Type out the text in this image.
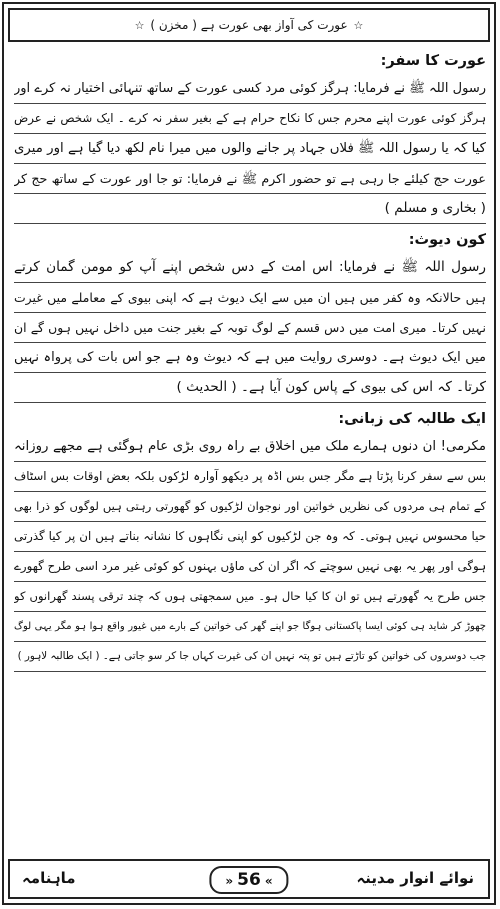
☆ عورت کی آواز بھی عورت ہے ( مخزن ) ☆
عورت کا سفر:
رسول اللہ ﷺ نے فرمایا: ہرگز کوئی مرد کسی عورت کے ساتھ تنہائی اختیار نہ کرے اور
ہرگز کوئی عورت اپنے محرم جس کا نکاح حرام ہے کے بغیر سفر نہ کرے ۔ ایک شخص نے عرض
کیا کہ یا رسول اللہ ﷺ فلاں جہاد پر جانے والوں میں میرا نام لکھ دیا گیا ہے اور میری
عورت حج کیلئے جا رہی ہے تو حضور اکرم ﷺ نے فرمایا: تو جا اور عورت کے ساتھ حج کر
( بخاری و مسلم )
کون دیوث:
رسول اللہ ﷺ نے فرمایا: اس امت کے دس شخص اپنے آپ کو مومن گمان کرتے
ہیں حالانکہ وہ کفر میں ہیں ان میں سے ایک دیوث ہے کہ اپنی بیوی کے معاملے میں غیرت
نہیں کرتا۔ میری امت میں دس قسم کے لوگ توبہ کے بغیر جنت میں داخل نہیں ہوں گے ان
میں ایک دیوث ہے۔ دوسری روایت میں ہے کہ دیوث وہ ہے جو اس بات کی پرواہ نہیں
کرتا۔ کہ اس کی بیوی کے پاس کون آیا ہے۔ ( الحدیث )
ایک طالبہ کی زبانی:
مکرمی! ان دنوں ہمارے ملک میں اخلاق بے راہ روی بڑی عام ہوگئی ہے مجھے روزانہ
بس سے سفر کرنا پڑتا ہے مگر جس بس اڈہ پر دیکھو آوارہ لڑکوں بلکہ بعض اوقات بس اسٹاف
کے تمام ہی مردوں کی نظریں خواتین اور نوجوان لڑکیوں کو گھورتی رہتی ہیں لوگوں کو ذرا بھی
حیا محسوس نہیں ہوتی۔ کہ وہ جن لڑکیوں کو اپنی نگاہوں کا نشانہ بناتے ہیں ان پر کیا گذرتی
ہوگی اور پھر یہ بھی نہیں سوچتے کہ اگر ان کی ماؤں بہنوں کو کوئی غیر مرد اسی طرح گھورے
جس طرح یہ گھورتے ہیں تو ان کا کیا حال ہو۔ میں سمجھتی ہوں کہ چند ترقی پسند گھرانوں کو
چھوڑ کر شاید ہی کوئی ایسا پاکستانی ہوگا جو اپنے گھر کی خواتین کے بارے میں غیور واقع ہوا ہو مگر یہی لوگ
جب دوسروں کی خواتین کو تاڑتے ہیں تو پتہ نہیں ان کی غیرت کہاں جا کر سو جاتی ہے۔ ( ایک طالبہ لاہور )
نوائے انوار مدینہ
» 56 «
ماہنامہ
